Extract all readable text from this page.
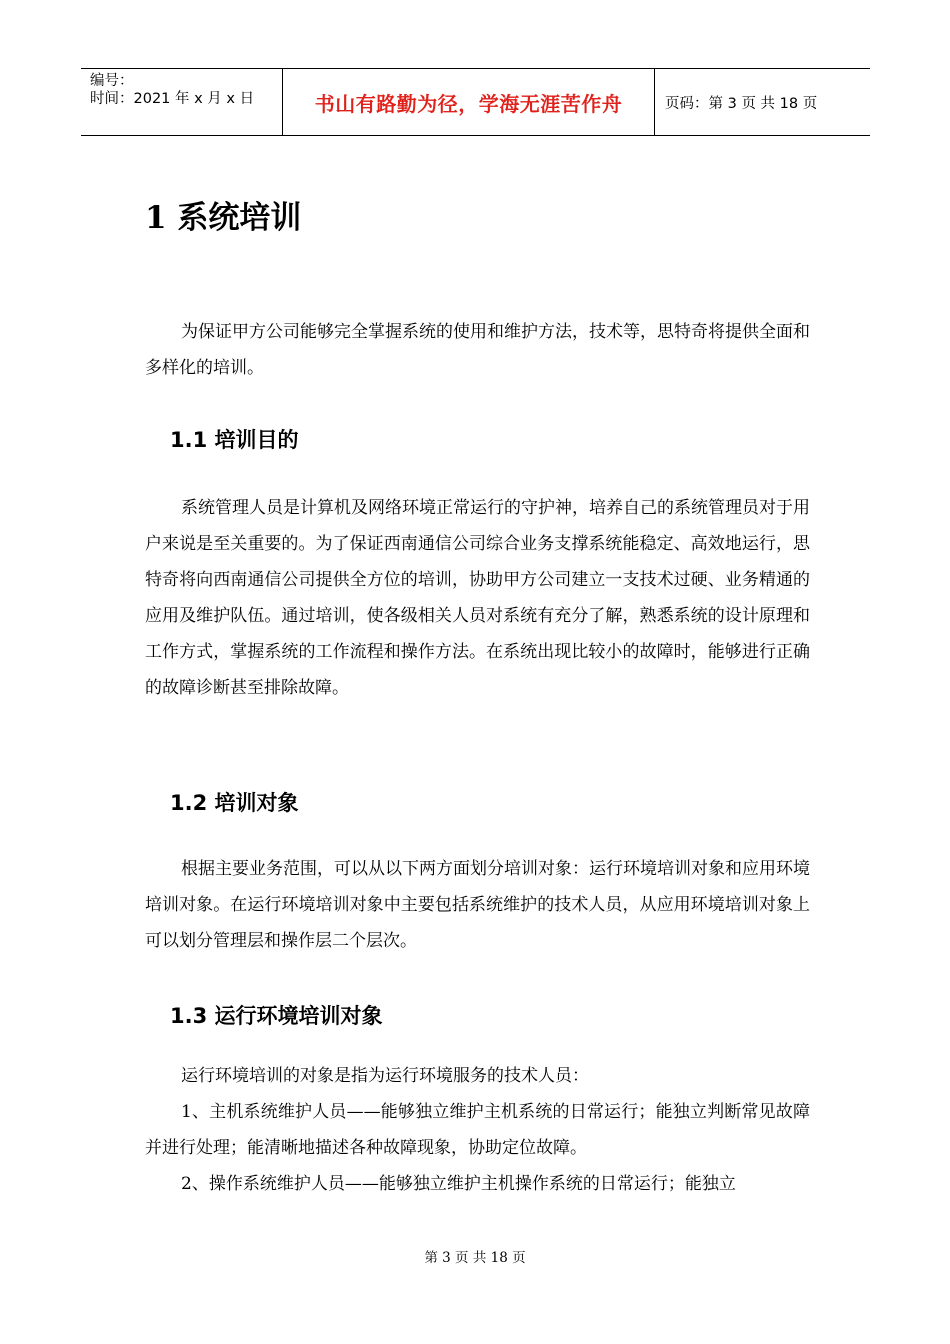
编号：
时间：2021 年 x 月 x 日	书山有路勤为径，学海无涯苦作舟	页码：第 3 页 共 18 页
1 系统培训

为保证甲方公司能够完全掌握系统的使用和维护方法，技术等，思特奇将提供全面和多样化的培训。

1.1 培训目的

系统管理人员是计算机及网络环境正常运行的守护神，培养自己的系统管理员对于用户来说是至关重要的。为了保证西南通信公司综合业务支撑系统能稳定、高效地运行，思特奇将向西南通信公司提供全方位的培训，协助甲方公司建立一支技术过硬、业务精通的应用及维护队伍。通过培训，使各级相关人员对系统有充分了解，熟悉系统的设计原理和工作方式，掌握系统的工作流程和操作方法。在系统出现比较小的故障时，能够进行正确的故障诊断甚至排除故障。

1.2 培训对象

根据主要业务范围，可以从以下两方面划分培训对象：运行环境培训对象和应用环境培训对象。在运行环境培训对象中主要包括系统维护的技术人员，从应用环境培训对象上可以划分管理层和操作层二个层次。

1.3 运行环境培训对象

运行环境培训的对象是指为运行环境服务的技术人员：

1、主机系统维护人员——能够独立维护主机系统的日常运行；能独立判断常见故障并进行处理；能清晰地描述各种故障现象，协助定位故障。

2、操作系统维护人员——能够独立维护主机操作系统的日常运行；能独立

第 3 页 共 18 页
